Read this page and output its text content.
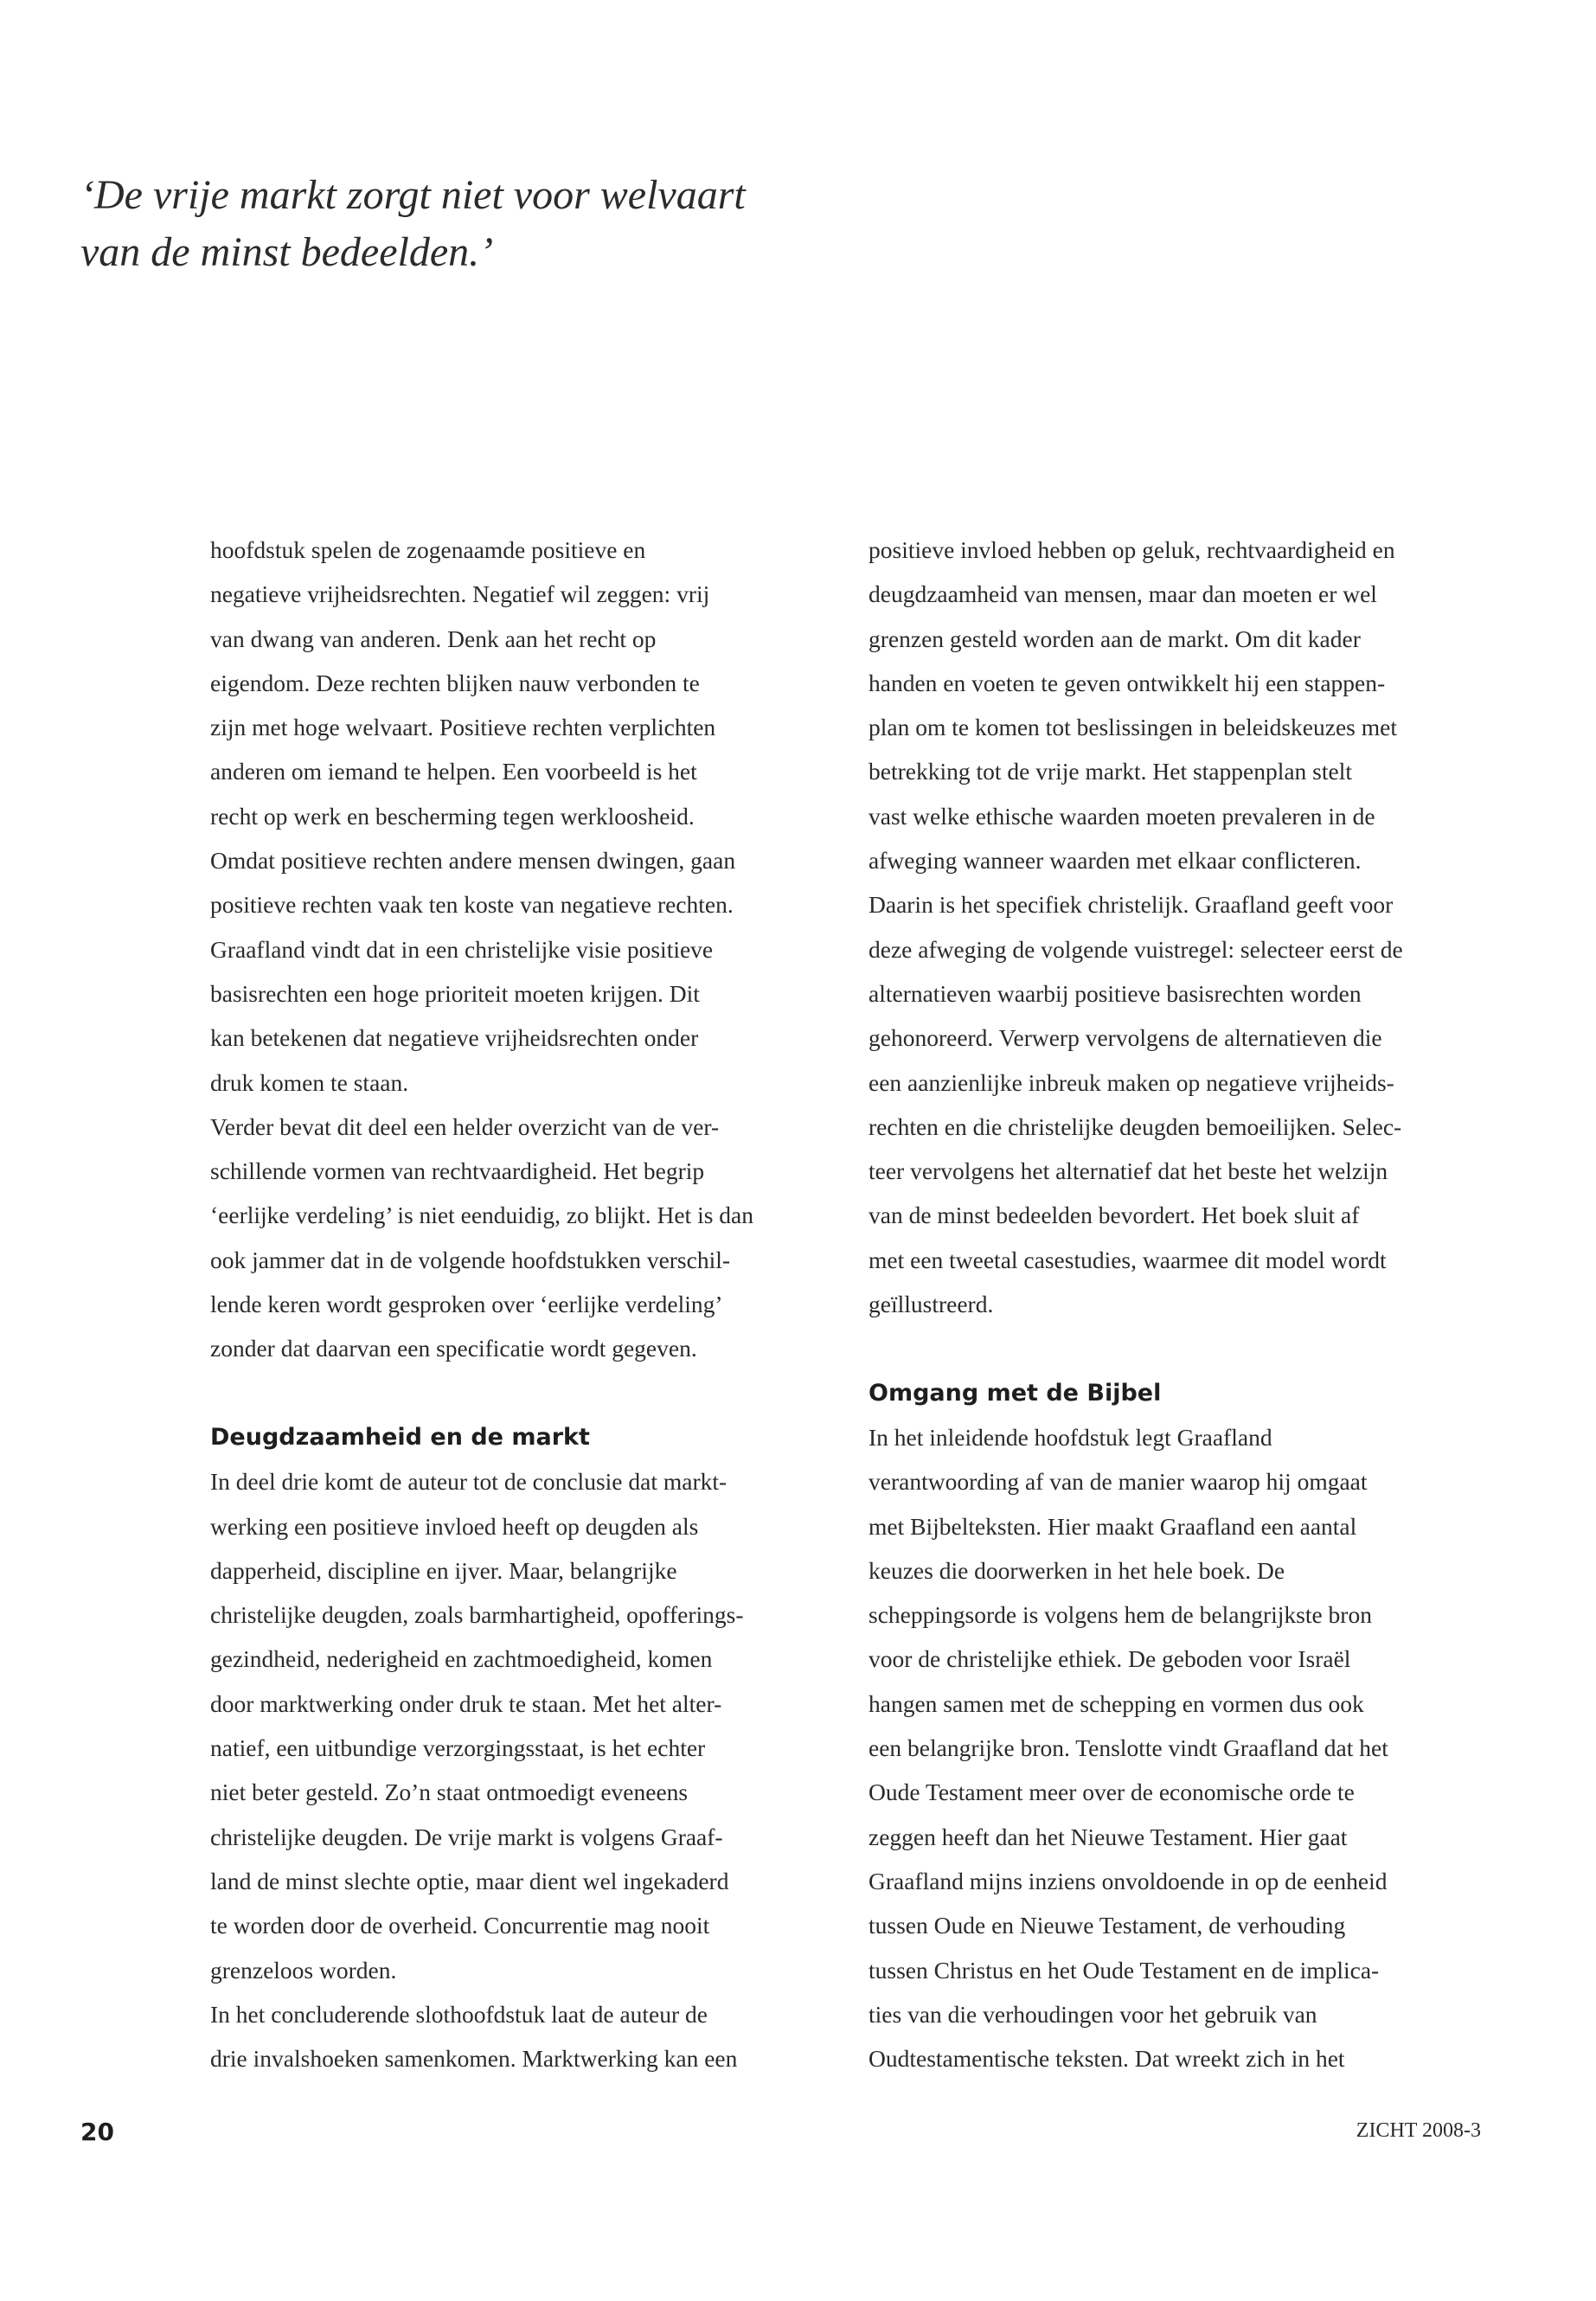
‘De vrije markt zorgt niet voor welvaart
van de minst bedeelden.’
hoofdstuk spelen de zogenaamde positieve en
negatieve vrijheidsrechten. Negatief wil zeggen: vrij
van dwang van anderen. Denk aan het recht op
eigendom. Deze rechten blijken nauw verbonden te
zijn met hoge welvaart. Positieve rechten verplichten
anderen om iemand te helpen. Een voorbeeld is het
recht op werk en bescherming tegen werkloosheid.
Omdat positieve rechten andere mensen dwingen, gaan
positieve rechten vaak ten koste van negatieve rechten.
Graafland vindt dat in een christelijke visie positieve
basisrechten een hoge prioriteit moeten krijgen. Dit
kan betekenen dat negatieve vrijheidsrechten onder
druk komen te staan.
Verder bevat dit deel een helder overzicht van de ver-
schillende vormen van rechtvaardigheid. Het begrip
‘eerlijke verdeling’ is niet eenduidig, zo blijkt. Het is dan
ook jammer dat in de volgende hoofdstukken verschil-
lende keren wordt gesproken over ‘eerlijke verdeling’
zonder dat daarvan een specificatie wordt gegeven.
Deugdzaamheid en de markt
In deel drie komt de auteur tot de conclusie dat markt-
werking een positieve invloed heeft op deugden als
dapperheid, discipline en ijver. Maar, belangrijke
christelijke deugden, zoals barmhartigheid, opofferings-
gezindheid, nederigheid en zachtmoedigheid, komen
door marktwerking onder druk te staan. Met het alter-
natief, een uitbundige verzorgingsstaat, is het echter
niet beter gesteld. Zo’n staat ontmoedigt eveneens
christelijke deugden. De vrije markt is volgens Graaf-
land de minst slechte optie, maar dient wel ingekaderd
te worden door de overheid. Concurrentie mag nooit
grenzeloos worden.
In het concluderende slothoofdstuk laat de auteur de
drie invalshoeken samenkomen. Marktwerking kan een
positieve invloed hebben op geluk, rechtvaardigheid en
deugdzaamheid van mensen, maar dan moeten er wel
grenzen gesteld worden aan de markt. Om dit kader
handen en voeten te geven ontwikkelt hij een stappen-
plan om te komen tot beslissingen in beleidskeuzes met
betrekking tot de vrije markt. Het stappenplan stelt
vast welke ethische waarden moeten prevaleren in de
afweging wanneer waarden met elkaar conflicteren.
Daarin is het specifiek christelijk. Graafland geeft voor
deze afweging de volgende vuistregel: selecteer eerst de
alternatieven waarbij positieve basisrechten worden
gehonoreerd. Verwerp vervolgens de alternatieven die
een aanzienlijke inbreuk maken op negatieve vrijheids-
rechten en die christelijke deugden bemoeilijken. Selec-
teer vervolgens het alternatief dat het beste het welzijn
van de minst bedeelden bevordert. Het boek sluit af
met een tweetal casestudies, waarmee dit model wordt
geïllustreerd.
Omgang met de Bijbel
In het inleidende hoofdstuk legt Graafland
verantwoording af van de manier waarop hij omgaat
met Bijbelteksten. Hier maakt Graafland een aantal
keuzes die doorwerken in het hele boek. De
scheppingsorde is volgens hem de belangrijkste bron
voor de christelijke ethiek. De geboden voor Israël
hangen samen met de schepping en vormen dus ook
een belangrijke bron. Tenslotte vindt Graafland dat het
Oude Testament meer over de economische orde te
zeggen heeft dan het Nieuwe Testament. Hier gaat
Graafland mijns inziens onvoldoende in op de eenheid
tussen Oude en Nieuwe Testament, de verhouding
tussen Christus en het Oude Testament en de implica-
ties van die verhoudingen voor het gebruik van
Oudtestamentische teksten. Dat wreekt zich in het
20	ZICHT 2008-3
